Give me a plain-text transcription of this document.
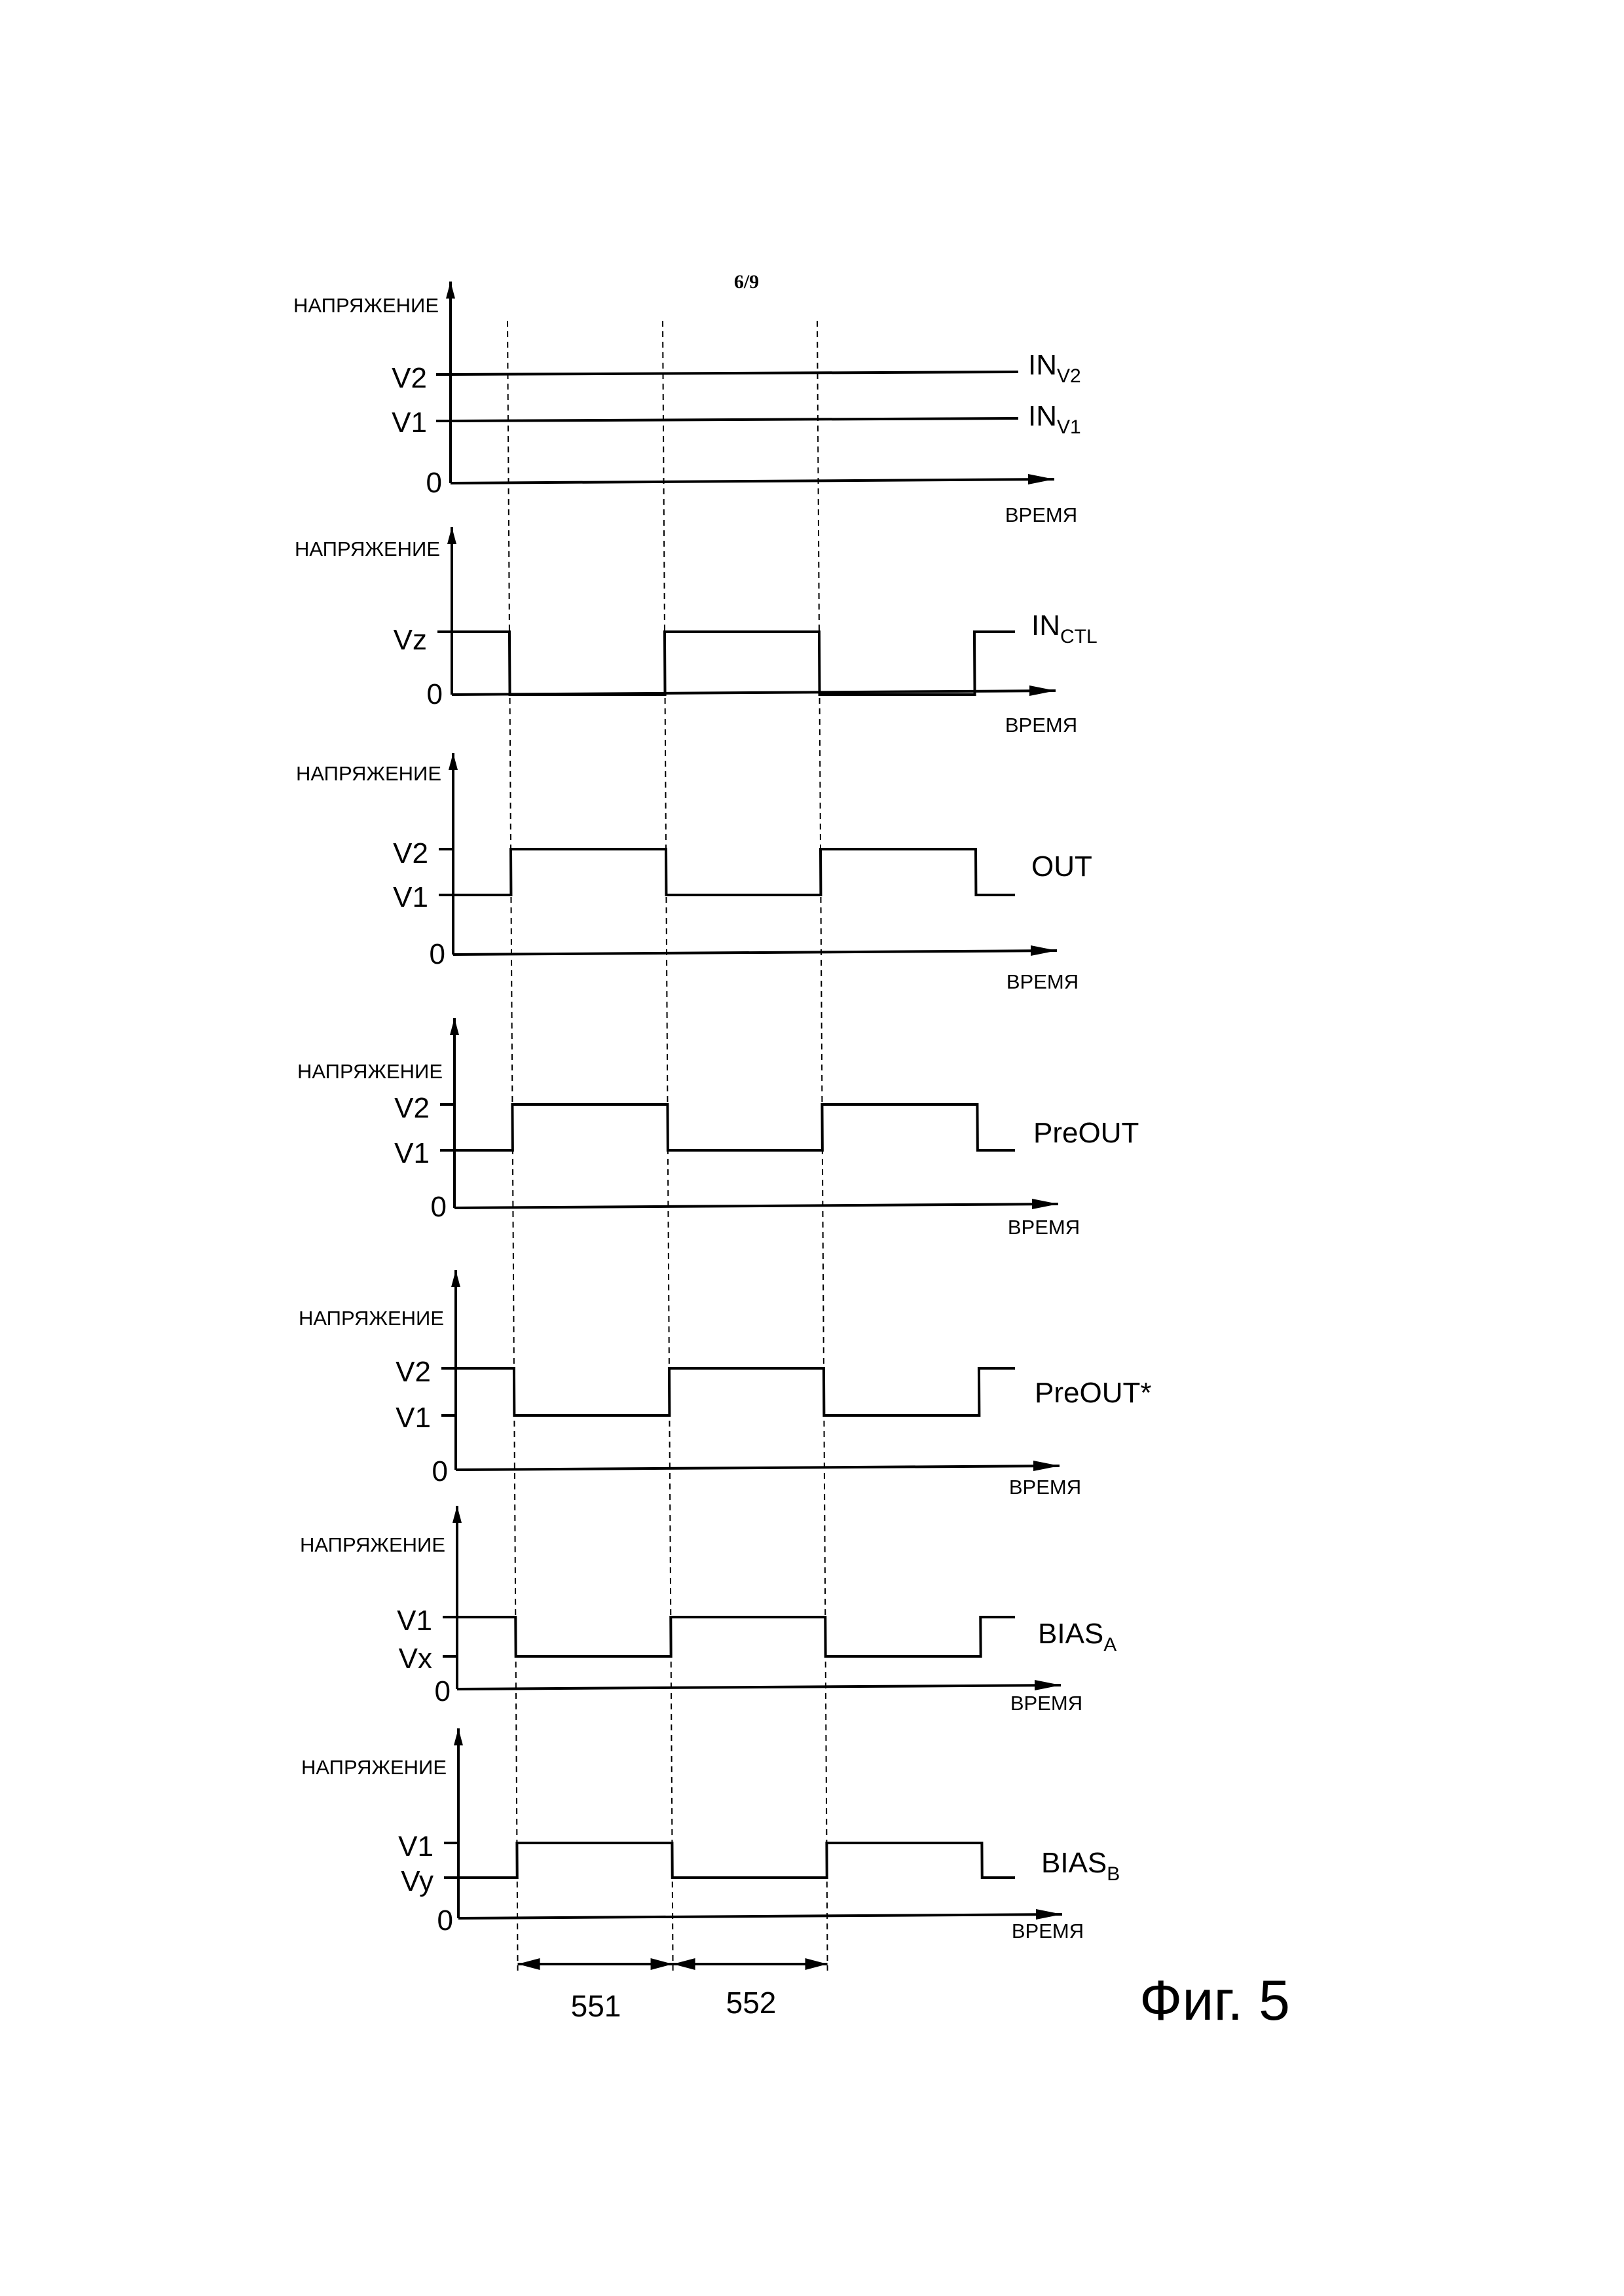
6/9
НАПРЯЖЕНИЕ
ВРЕМЯ
V2
V1
0
$IN_{V2}$
$IN_{V1}$
НАПРЯЖЕНИЕ
ВРЕМЯ
Vz
0
$IN_{CTL}$
НАПРЯЖЕНИЕ
ВРЕМЯ
V2
V1
0
OUT
НАПРЯЖЕНИЕ
ВРЕМЯ
V2
V1
0
PreOUT
НАПРЯЖЕНИЕ
ВРЕМЯ
V2
V1
0
PreOUT*
НАПРЯЖЕНИЕ
ВРЕМЯ
V1
Vx
0
$BIAS_A$
НАПРЯЖЕНИЕ
ВРЕМЯ
V1
Vy
0
$BIAS_B$
551	552	Фиг. 5
